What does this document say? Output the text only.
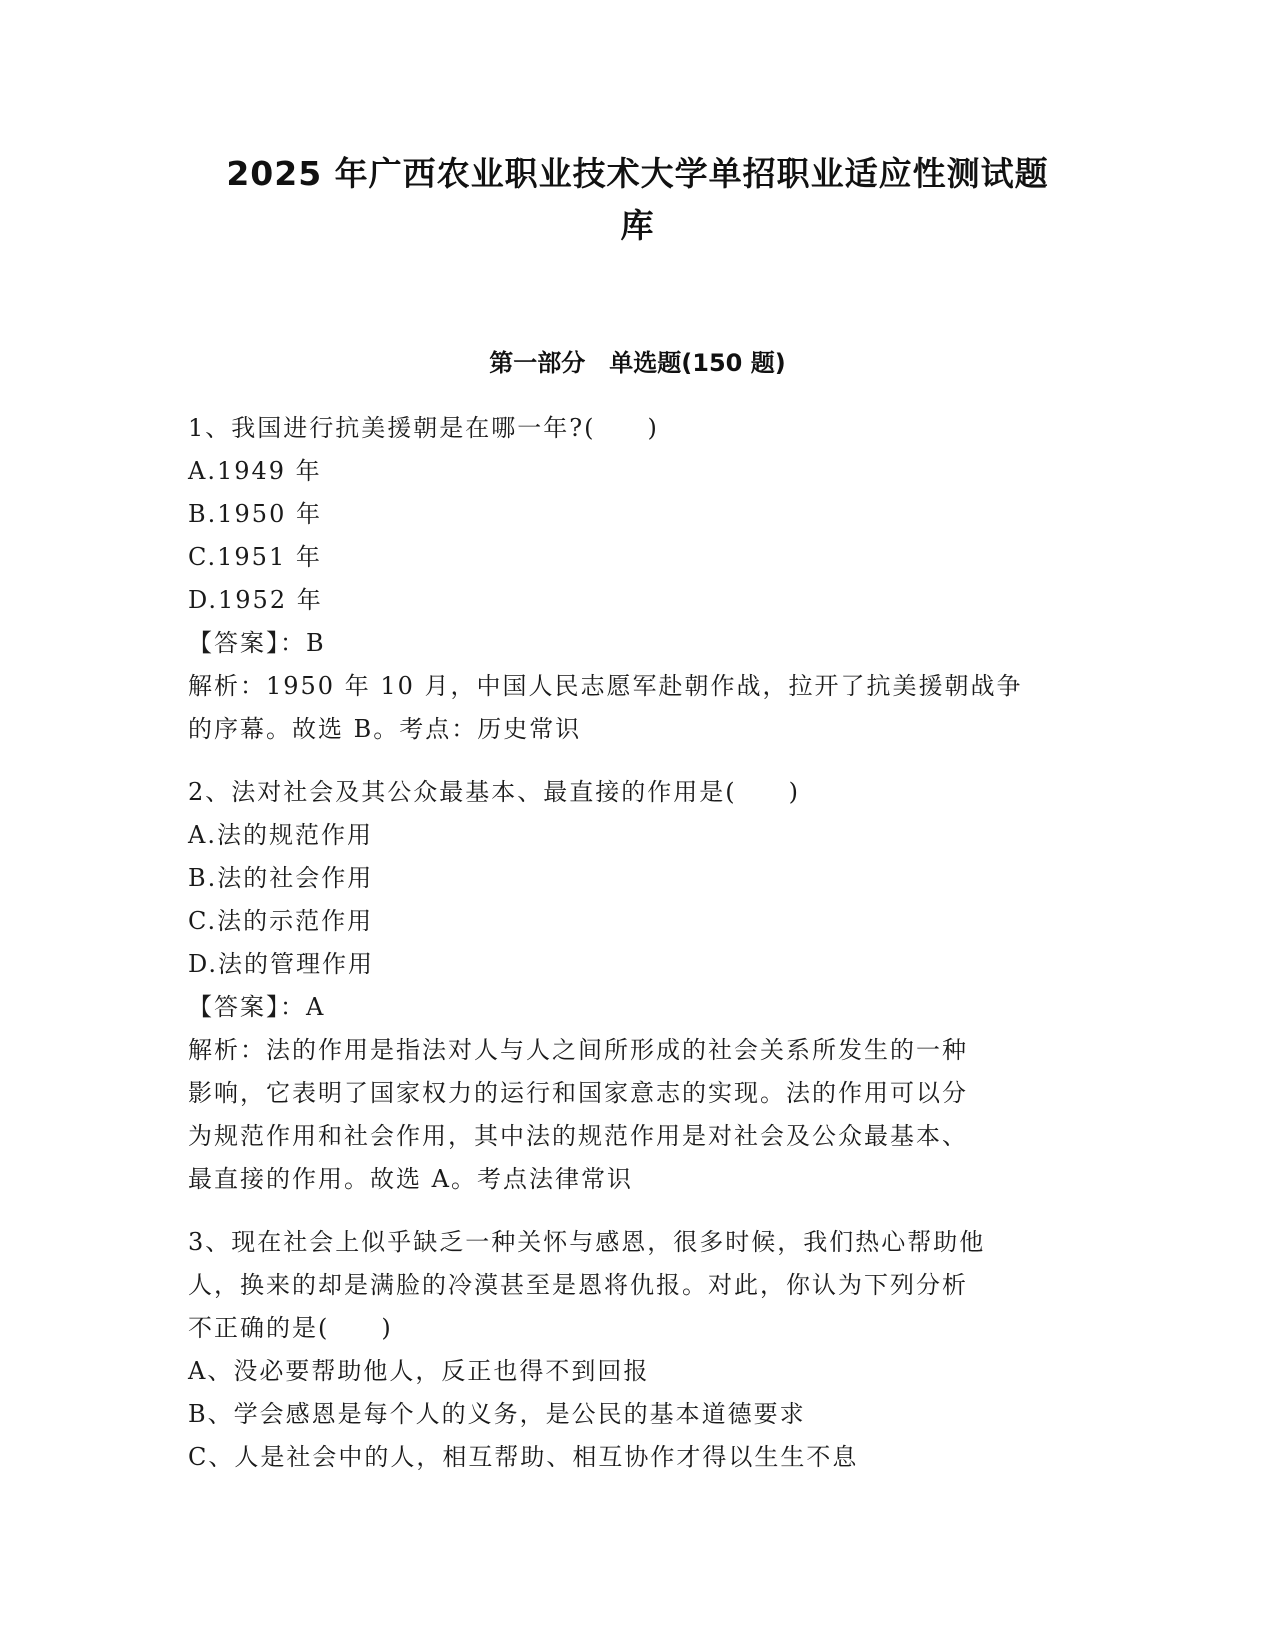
2025 年广西农业职业技术大学单招职业适应性测试题
库
第一部分　单选题(150 题)

1、我国进行抗美援朝是在哪一年?(　　)

A.1949 年

B.1950 年

C.1951 年

D.1952 年

【答案】：B

解析：1950 年 10 月，中国人民志愿军赴朝作战，拉开了抗美援朝战争

的序幕。故选 B。考点：历史常识

2、法对社会及其公众最基本、最直接的作用是(　　)

A.法的规范作用

B.法的社会作用

C.法的示范作用

D.法的管理作用

【答案】：A

解析：法的作用是指法对人与人之间所形成的社会关系所发生的一种

影响，它表明了国家权力的运行和国家意志的实现。法的作用可以分

为规范作用和社会作用，其中法的规范作用是对社会及公众最基本、

最直接的作用。故选 A。考点法律常识

3、现在社会上似乎缺乏一种关怀与感恩，很多时候，我们热心帮助他

人，换来的却是满脸的冷漠甚至是恩将仇报。对此，你认为下列分析

不正确的是(　　)

A、没必要帮助他人，反正也得不到回报

B、学会感恩是每个人的义务，是公民的基本道德要求

C、人是社会中的人，相互帮助、相互协作才得以生生不息
